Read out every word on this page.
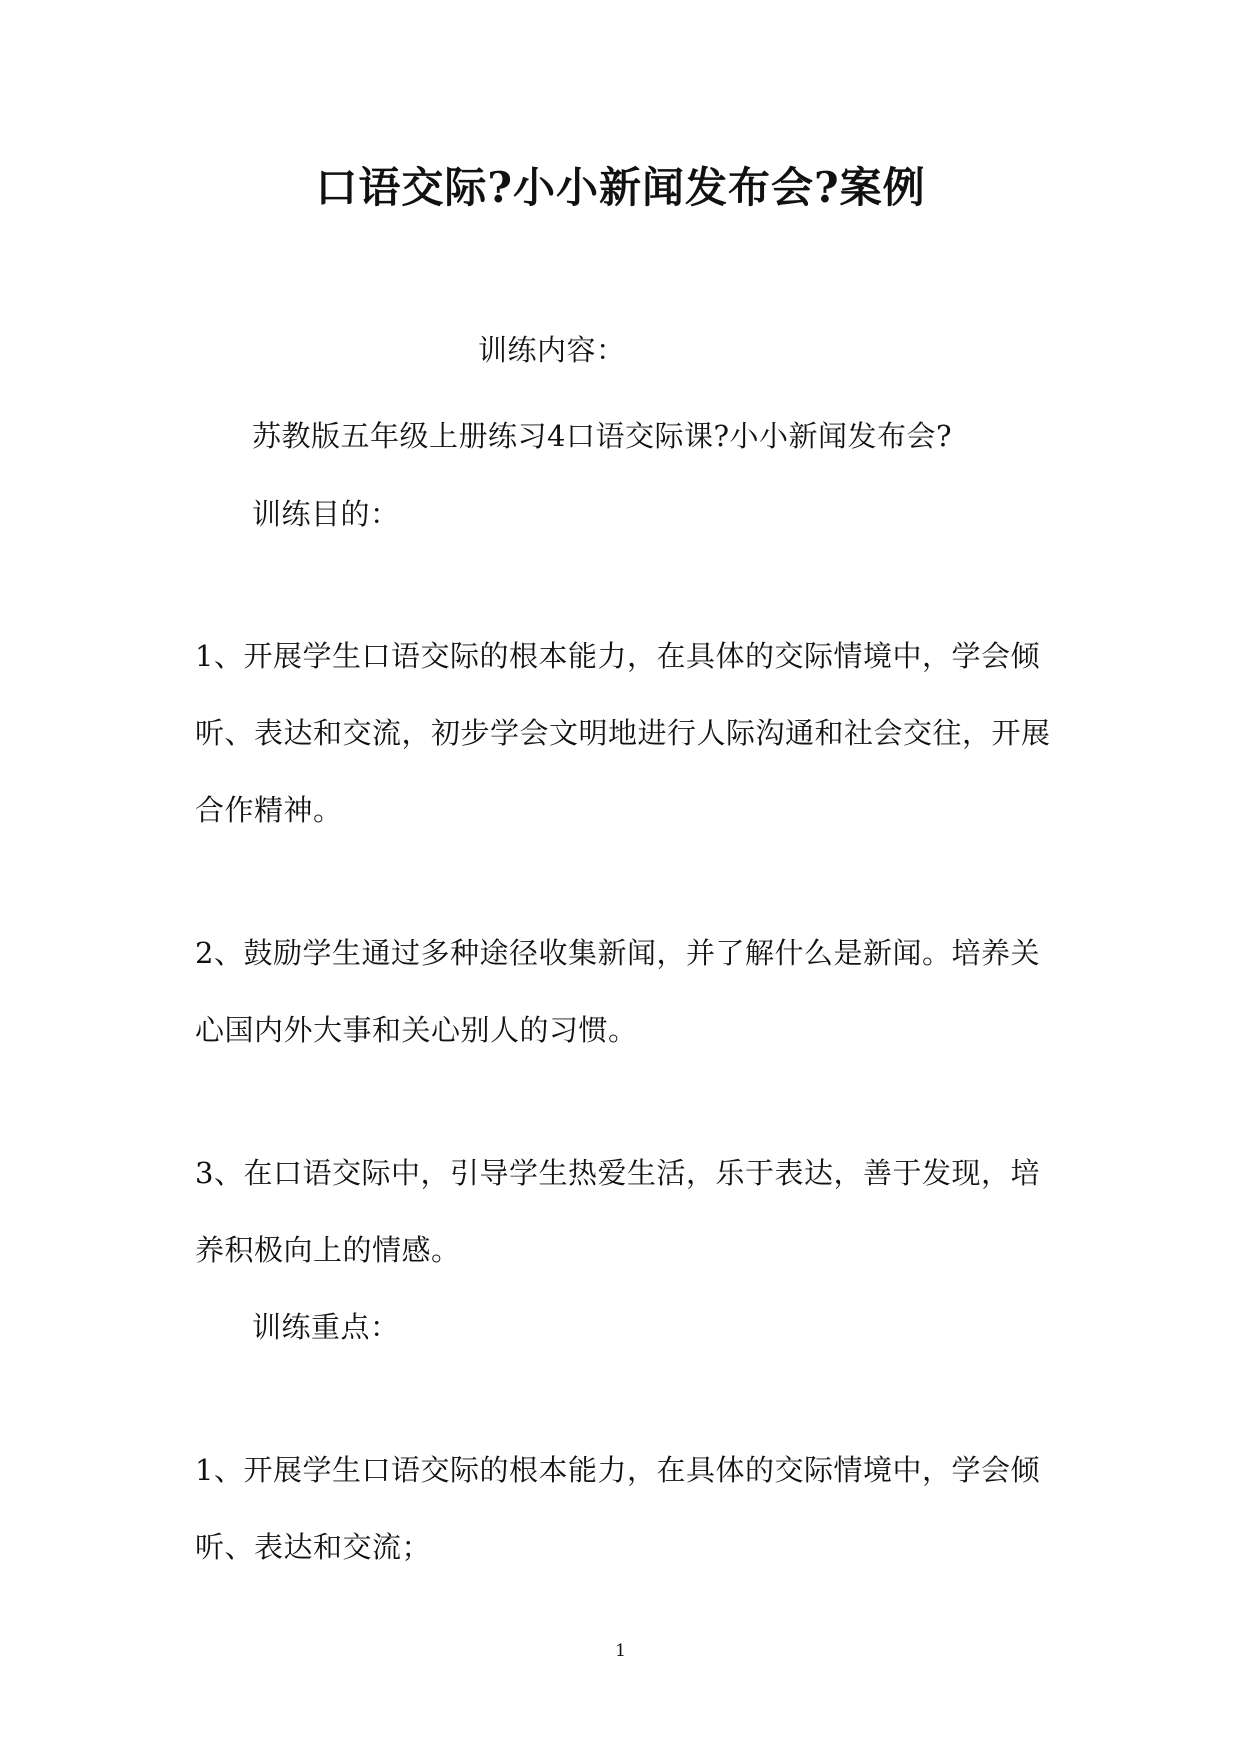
口语交际?小小新闻发布会?案例
训练内容：
苏教版五年级上册练习4口语交际课?小小新闻发布会?
训练目的：
1、开展学生口语交际的根本能力，在具体的交际情境中，学会倾
听、表达和交流，初步学会文明地进行人际沟通和社会交往，开展
合作精神。
2、鼓励学生通过多种途径收集新闻，并了解什么是新闻。培养关
心国内外大事和关心别人的习惯。
3、在口语交际中，引导学生热爱生活，乐于表达，善于发现，培
养积极向上的情感。
训练重点：
1、开展学生口语交际的根本能力，在具体的交际情境中，学会倾
听、表达和交流；
1
